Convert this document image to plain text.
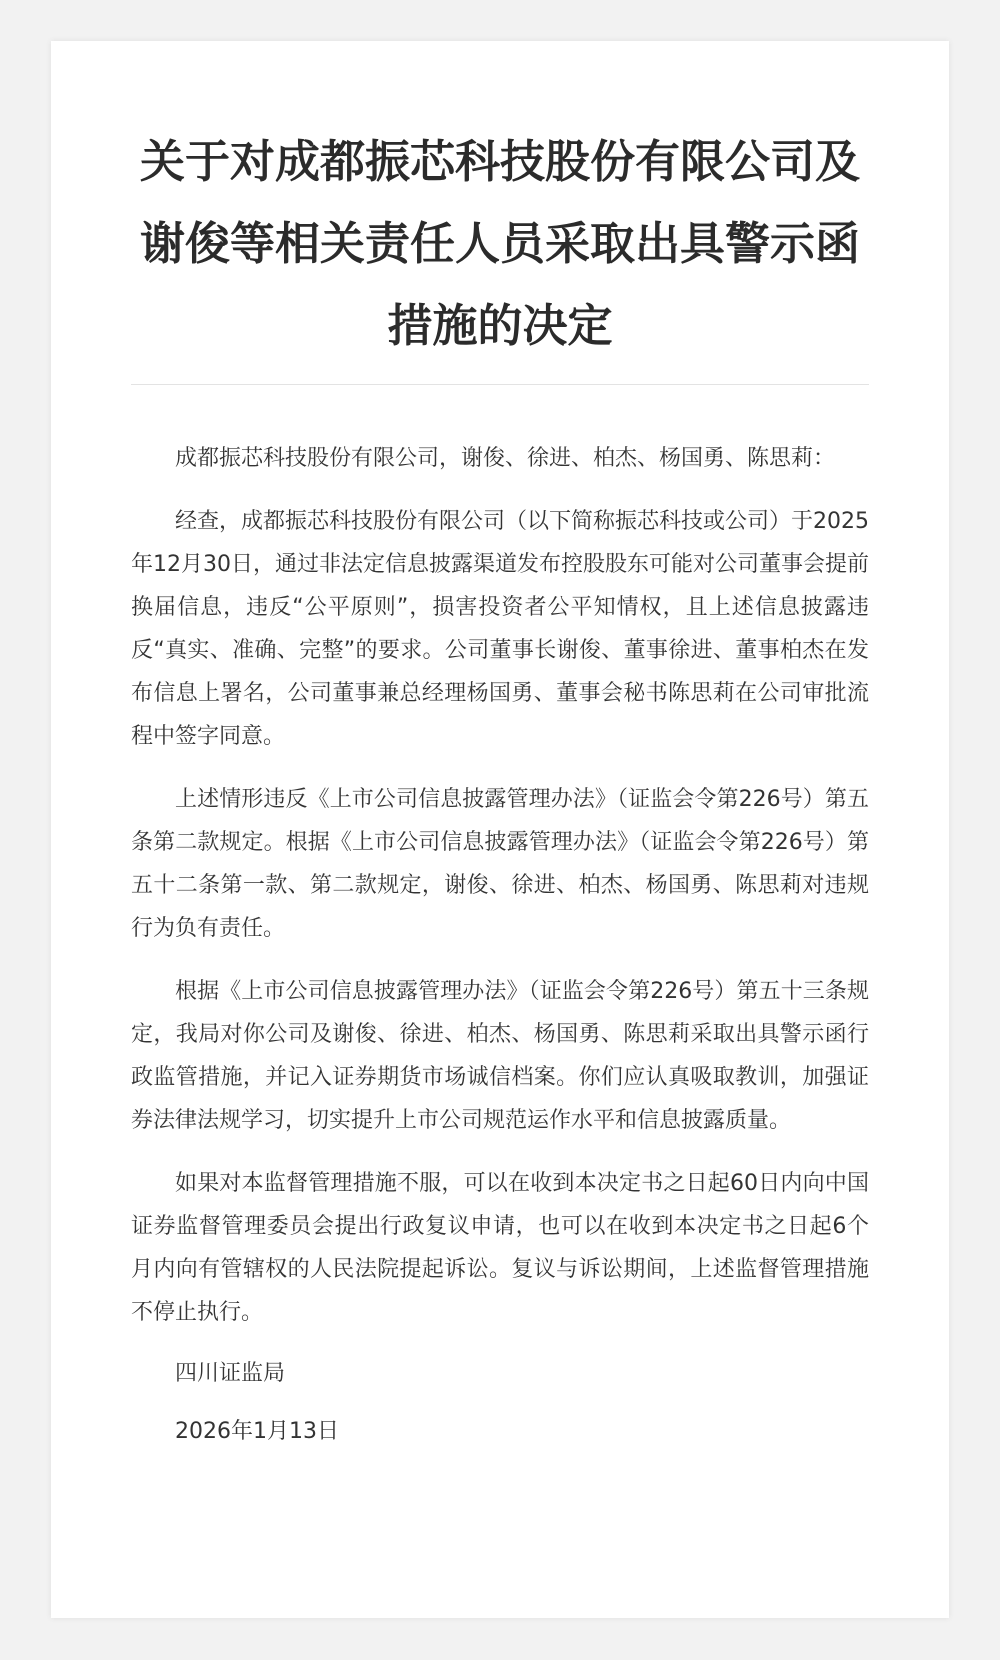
关于对成都振芯科技股份有限公司及谢俊等相关责任人员采取出具警示函措施的决定

成都振芯科技股份有限公司，谢俊、徐进、柏杰、杨国勇、陈思莉：

经查，成都振芯科技股份有限公司（以下简称振芯科技或公司）于2025年12月30日，通过非法定信息披露渠道发布控股股东可能对公司董事会提前换届信息，违反“公平原则”，损害投资者公平知情权，且上述信息披露违反“真实、准确、完整”的要求。公司董事长谢俊、董事徐进、董事柏杰在发布信息上署名，公司董事兼总经理杨国勇、董事会秘书陈思莉在公司审批流程中签字同意。

上述情形违反《上市公司信息披露管理办法》（证监会令第226号）第五条第二款规定。根据《上市公司信息披露管理办法》（证监会令第226号）第五十二条第一款、第二款规定，谢俊、徐进、柏杰、杨国勇、陈思莉对违规行为负有责任。

根据《上市公司信息披露管理办法》（证监会令第226号）第五十三条规定，我局对你公司及谢俊、徐进、柏杰、杨国勇、陈思莉采取出具警示函行政监管措施，并记入证券期货市场诚信档案。你们应认真吸取教训，加强证券法律法规学习，切实提升上市公司规范运作水平和信息披露质量。

如果对本监督管理措施不服，可以在收到本决定书之日起60日内向中国证券监督管理委员会提出行政复议申请，也可以在收到本决定书之日起6个月内向有管辖权的人民法院提起诉讼。复议与诉讼期间，上述监督管理措施不停止执行。

四川证监局

2026年1月13日
